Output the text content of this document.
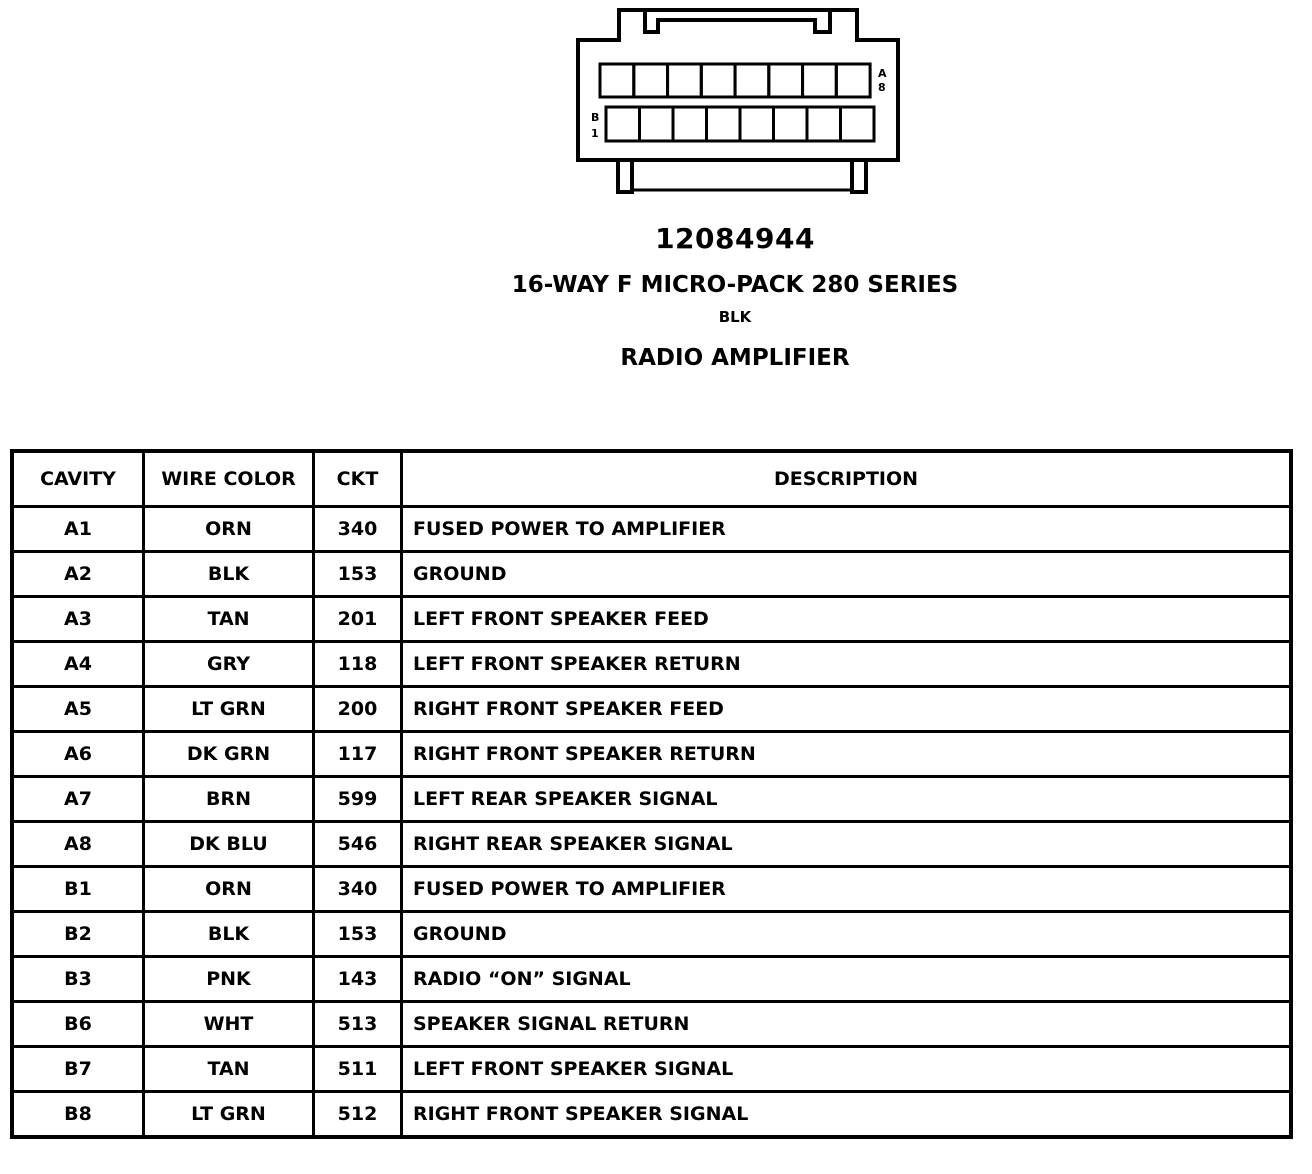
A
8
B
1
12084944
16-WAY F MICRO-PACK 280 SERIES
BLK
RADIO AMPLIFIER
CAVITY	WIRE COLOR	CKT	DESCRIPTION
A1	ORN	340	FUSED POWER TO AMPLIFIER
A2	BLK	153	GROUND
A3	TAN	201	LEFT FRONT SPEAKER FEED
A4	GRY	118	LEFT FRONT SPEAKER RETURN
A5	LT GRN	200	RIGHT FRONT SPEAKER FEED
A6	DK GRN	117	RIGHT FRONT SPEAKER RETURN
A7	BRN	599	LEFT REAR SPEAKER SIGNAL
A8	DK BLU	546	RIGHT REAR SPEAKER SIGNAL
B1	ORN	340	FUSED POWER TO AMPLIFIER
B2	BLK	153	GROUND
B3	PNK	143	RADIO “ON” SIGNAL
B6	WHT	513	SPEAKER SIGNAL RETURN
B7	TAN	511	LEFT FRONT SPEAKER SIGNAL
B8	LT GRN	512	RIGHT FRONT SPEAKER SIGNAL
